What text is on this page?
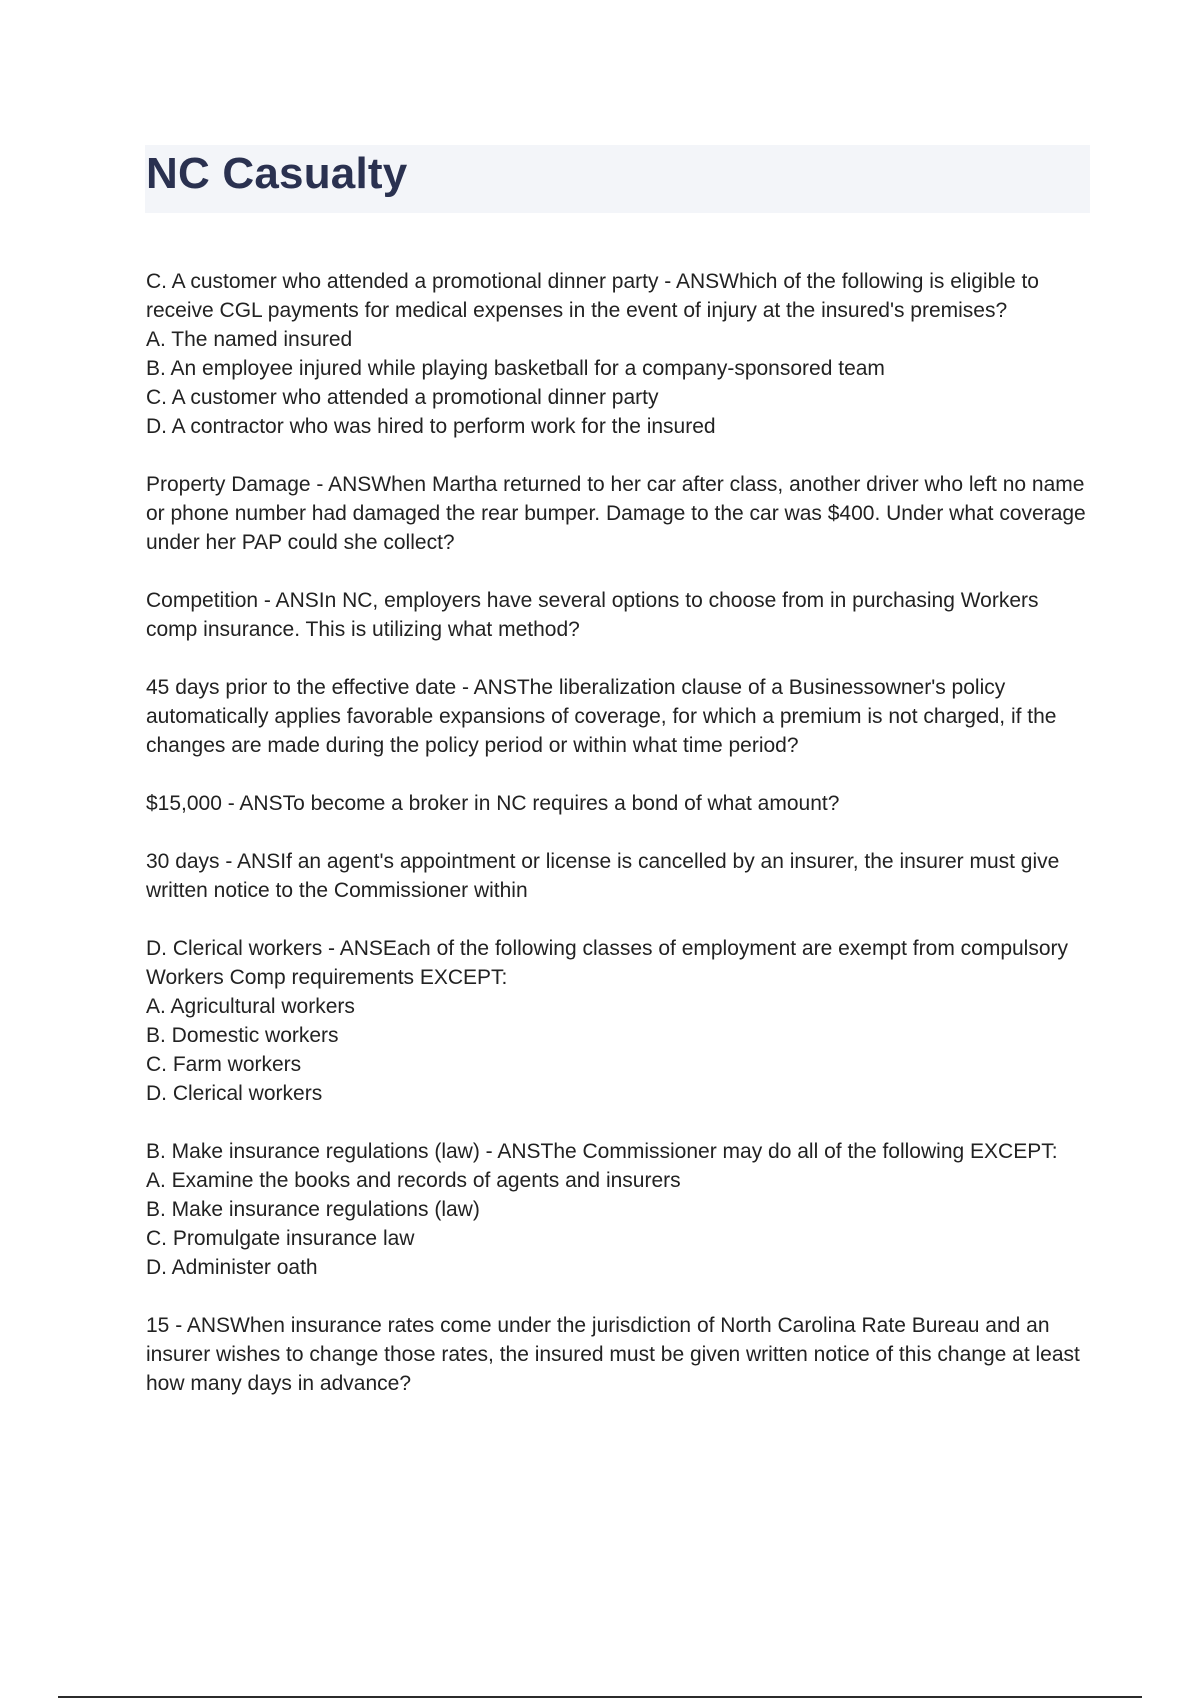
NC Casualty

C. A customer who attended a promotional dinner party - ANSWhich of the following is eligible to receive CGL payments for medical expenses in the event of injury at the insured's premises?

A. The named insured
B. An employee injured while playing basketball for a company-sponsored team
C. A customer who attended a promotional dinner party
D. A contractor who was hired to perform work for the insured

Property Damage - ANSWhen Martha returned to her car after class, another driver who left no name or phone number had damaged the rear bumper. Damage to the car was $400. Under what coverage under her PAP could she collect?

Competition - ANSIn NC, employers have several options to choose from in purchasing Workers comp insurance. This is utilizing what method?

45 days prior to the effective date - ANSThe liberalization clause of a Businessowner's policy automatically applies favorable expansions of coverage, for which a premium is not charged, if the changes are made during the policy period or within what time period?

$15,000 - ANSTo become a broker in NC requires a bond of what amount?

30 days - ANSIf an agent's appointment or license is cancelled by an insurer, the insurer must give written notice to the Commissioner within

D. Clerical workers - ANSEach of the following classes of employment are exempt from compulsory Workers Comp requirements EXCEPT:

A. Agricultural workers
B. Domestic workers
C. Farm workers
D. Clerical workers

B. Make insurance regulations (law) - ANSThe Commissioner may do all of the following EXCEPT:

A. Examine the books and records of agents and insurers
B. Make insurance regulations (law)
C. Promulgate insurance law
D. Administer oath

15 - ANSWhen insurance rates come under the jurisdiction of North Carolina Rate Bureau and an insurer wishes to change those rates, the insured must be given written notice of this change at least how many days in advance?
